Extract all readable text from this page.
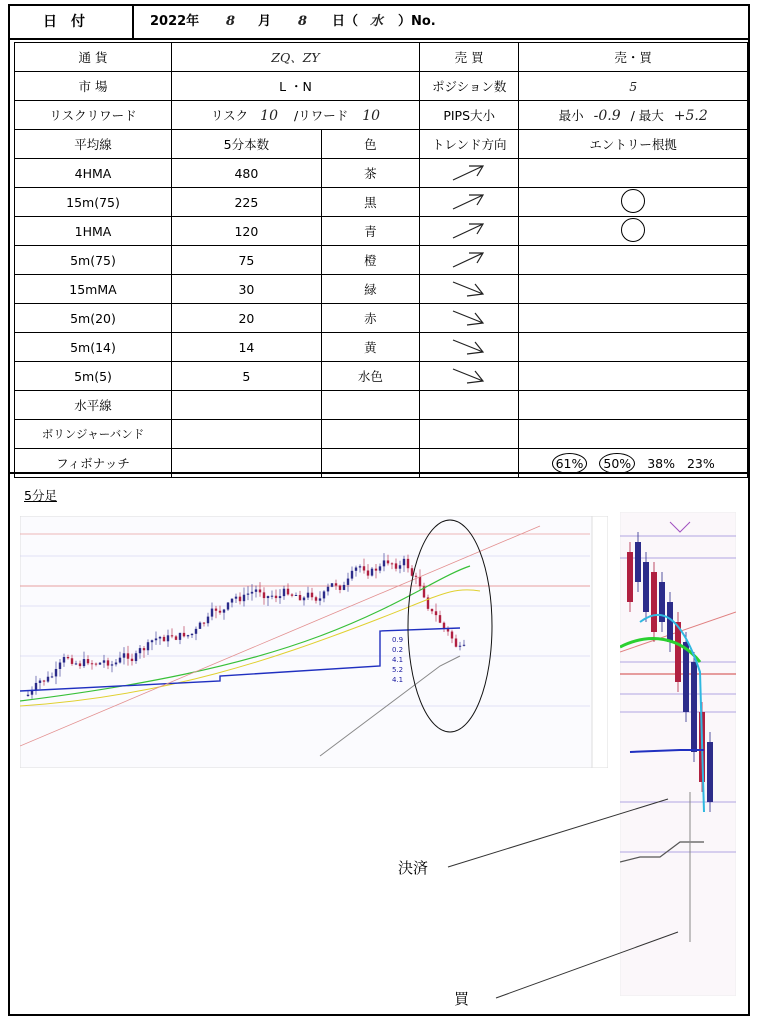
日付	2022年 8 月 8 日（ 水 ）No.
通 貨	ZQ、ZY		売 買	売・買
市 場	L ・N		ポジション数	5
リスクリワード	リスク 10 /リワード 10		PIPS大小	最小 -0.9 / 最大 +5.2
平均線	5分本数	色	トレンド方向	エントリー根拠
4HMA	480	茶		
15m(75)	225	黒		
1HMA	120	青		
5m(75)	75	橙		
15mMA	30	緑		
5m(20)	20	赤		
5m(14)	14	黄		
5m(5)	5	水色		
水平線				
ボリンジャーバンド				
フィボナッチ				61% 50% 38% 23%
5分足
0.9
0.2
4.1
5.2
4.1
決済
買
